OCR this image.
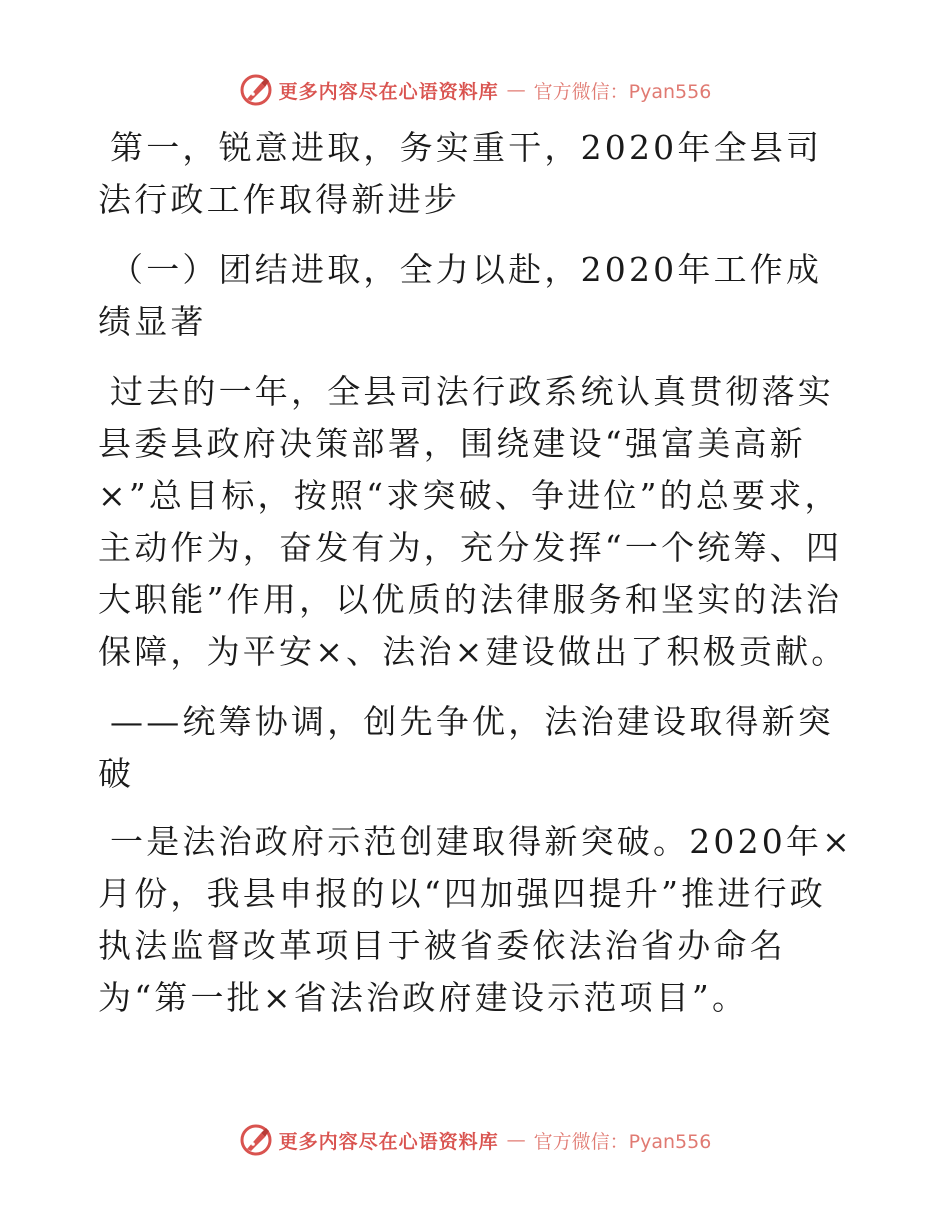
更多内容尽在心语资料库 — 官方微信：Pyan556

第一，锐意进取，务实重干，2020年全县司法行政工作取得新进步

（一）团结进取，全力以赴，2020年工作成绩显著

过去的一年，全县司法行政系统认真贯彻落实县委县政府决策部署，围绕建设“强富美高新×”总目标，按照“求突破、争进位”的总要求，主动作为，奋发有为，充分发挥“一个统筹、四大职能”作用，以优质的法律服务和坚实的法治保障，为平安×、法治×建设做出了积极贡献。

——统筹协调，创先争优，法治建设取得新突破

一是法治政府示范创建取得新突破。2020年×月份，我县申报的以“四加强四提升”推进行政执法监督改革项目于被省委依法治省办命名为“第一批×省法治政府建设示范项目”。

更多内容尽在心语资料库 — 官方微信：Pyan556
